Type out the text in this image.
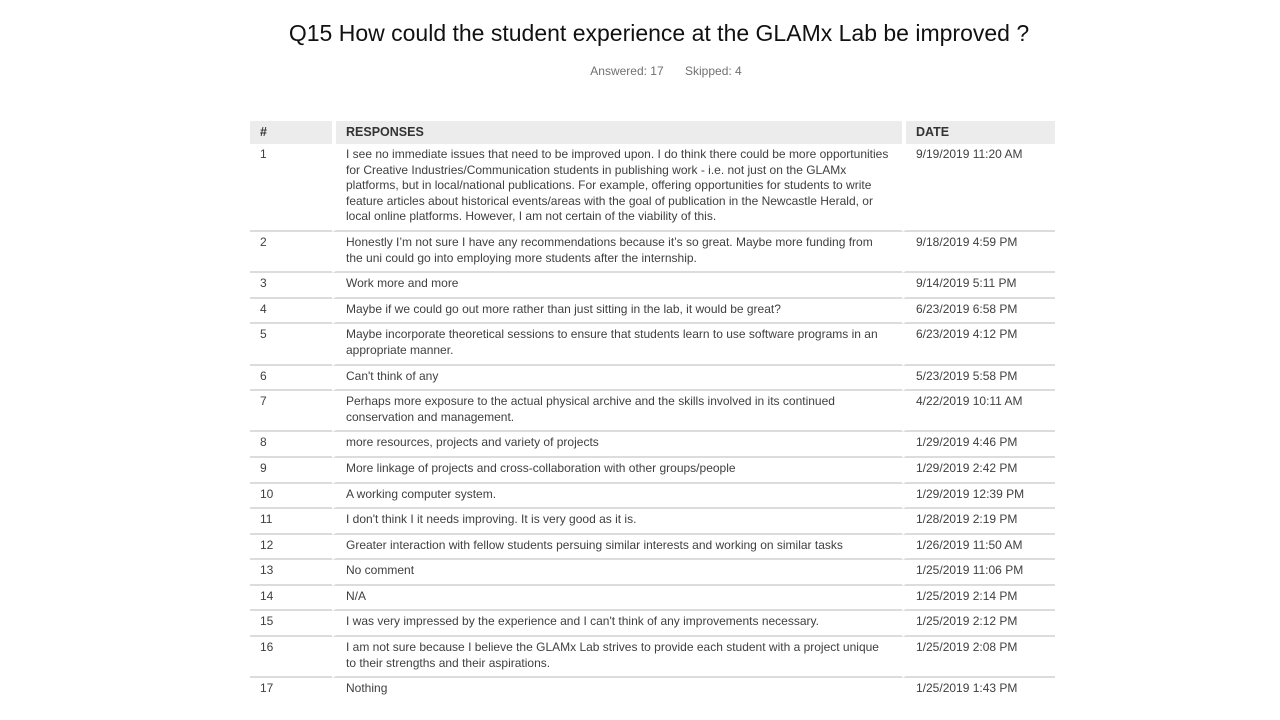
Q15 How could the student experience at the GLAMx Lab be improved ?
Answered: 17 Skipped: 4
#	RESPONSES	DATE
1	I see no immediate issues that need to be improved upon. I do think there could be more opportunities for Creative Industries/Communication students in publishing work - i.e. not just on the GLAMx platforms, but in local/national publications. For example, offering opportunities for students to write feature articles about historical events/areas with the goal of publication in the Newcastle Herald, or local online platforms. However, I am not certain of the viability of this.	9/19/2019 11:20 AM
2	Honestly I’m not sure I have any recommendations because it’s so great. Maybe more funding from the uni could go into employing more students after the internship.	9/18/2019 4:59 PM
3	Work more and more	9/14/2019 5:11 PM
4	Maybe if we could go out more rather than just sitting in the lab, it would be great?	6/23/2019 6:58 PM
5	Maybe incorporate theoretical sessions to ensure that students learn to use software programs in an appropriate manner.	6/23/2019 4:12 PM
6	Can't think of any	5/23/2019 5:58 PM
7	Perhaps more exposure to the actual physical archive and the skills involved in its continued conservation and management.	4/22/2019 10:11 AM
8	more resources, projects and variety of projects	1/29/2019 4:46 PM
9	More linkage of projects and cross-collaboration with other groups/people	1/29/2019 2:42 PM
10	A working computer system.	1/29/2019 12:39 PM
11	I don't think I it needs improving. It is very good as it is.	1/28/2019 2:19 PM
12	Greater interaction with fellow students persuing similar interests and working on similar tasks	1/26/2019 11:50 AM
13	No comment	1/25/2019 11:06 PM
14	N/A	1/25/2019 2:14 PM
15	I was very impressed by the experience and I can't think of any improvements necessary.	1/25/2019 2:12 PM
16	I am not sure because I believe the GLAMx Lab strives to provide each student with a project unique to their strengths and their aspirations.	1/25/2019 2:08 PM
17	Nothing	1/25/2019 1:43 PM
